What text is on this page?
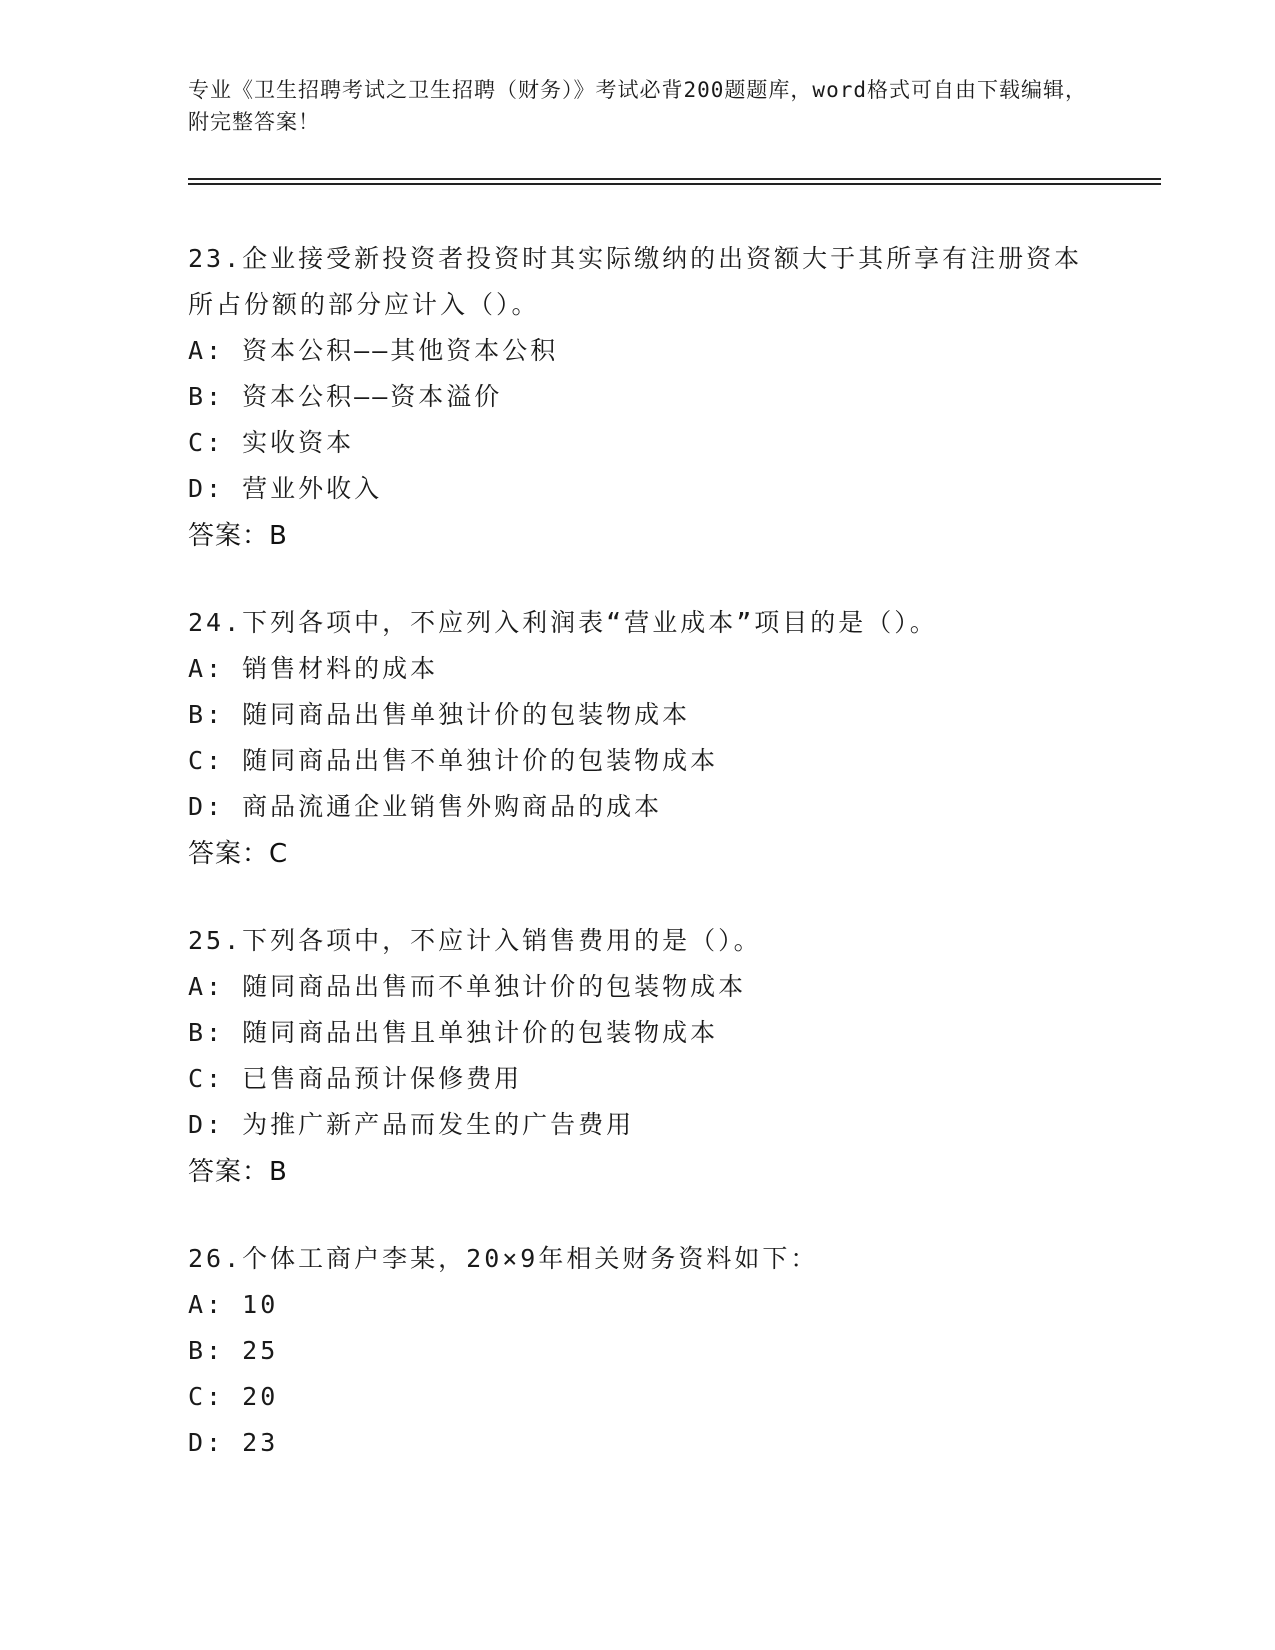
专业《卫生招聘考试之卫生招聘（财务）》考试必背200题题库，word格式可自由下载编辑，附完整答案！

23.企业接受新投资者投资时其实际缴纳的出资额大于其所享有注册资本所占份额的部分应计入（）。

A: 资本公积——其他资本公积

B: 资本公积——资本溢价

C: 实收资本

D: 营业外收入

答案：B

24.下列各项中，不应列入利润表“营业成本”项目的是（）。

A: 销售材料的成本

B: 随同商品出售单独计价的包装物成本

C: 随同商品出售不单独计价的包装物成本

D: 商品流通企业销售外购商品的成本

答案：C

25.下列各项中，不应计入销售费用的是（）。

A: 随同商品出售而不单独计价的包装物成本

B: 随同商品出售且单独计价的包装物成本

C: 已售商品预计保修费用

D: 为推广新产品而发生的广告费用

答案：B

26.个体工商户李某，20×9年相关财务资料如下：

A: 10

B: 25

C: 20

D: 23
